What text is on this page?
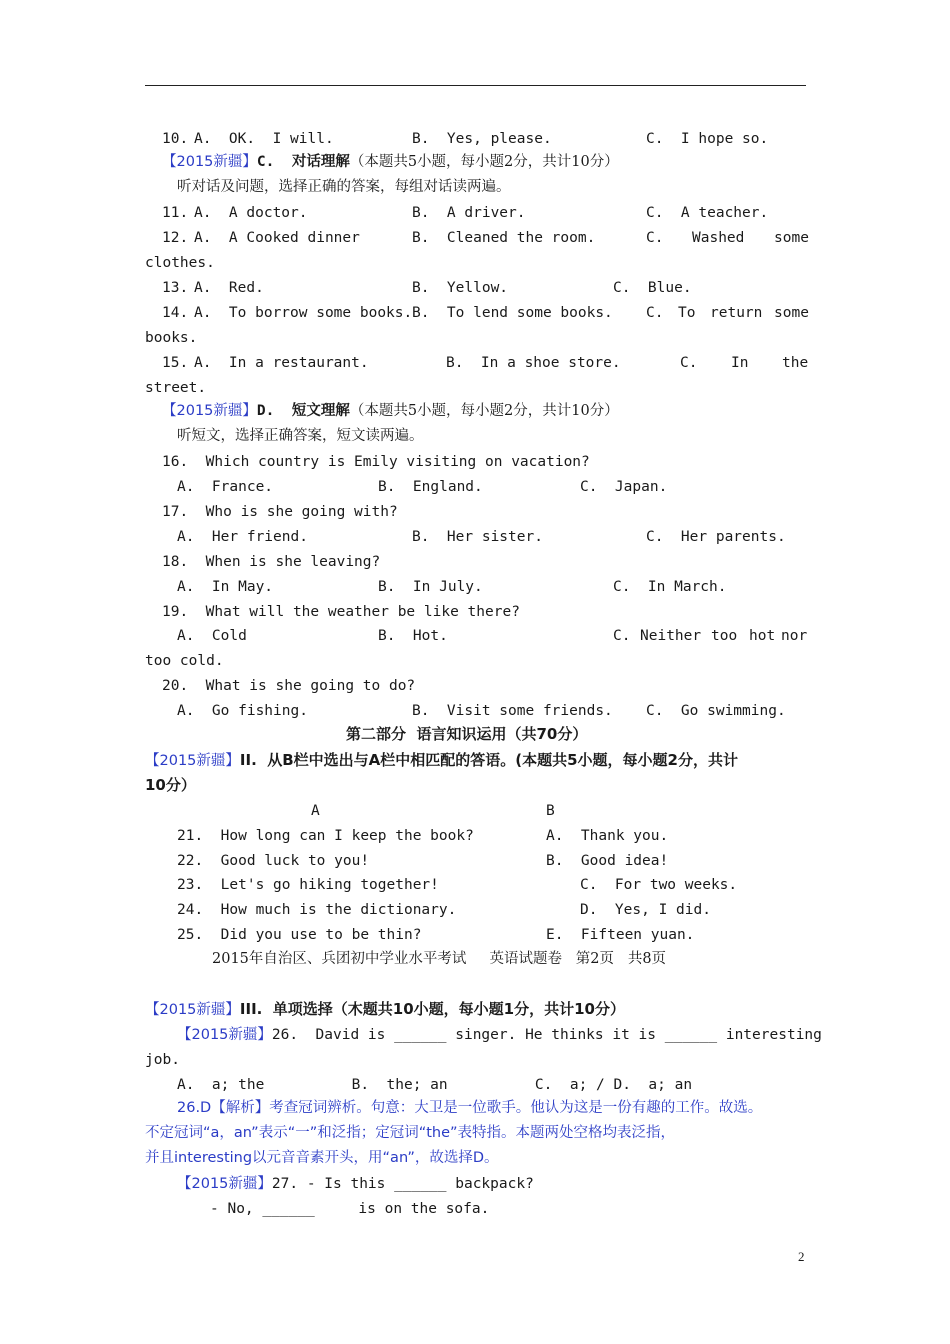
10. A.  OK.  I will.	B.  Yes, please.	C.  I hope so.
【2015新疆】C.  对话理解（本题共5小题，每小题2分，共计10分）
听对话及问题，选择正确的答案，每组对话读两遍。
11. A.  A doctor.	B.  A driver.	C.  A teacher.
12. A.  A Cooked dinner	B.  Cleaned the room.	C. Washed some
clothes.
13. A.  Red.	B.  Yellow.	C.  Blue.
14. A.  To borrow some books. B.  To lend some books. C. To return some
books.
15. A.  In a restaurant.	B.  In a shoe store.	C. In the
street.
【2015新疆】D.  短文理解（本题共5小题，每小题2分，共计10分）
听短文，选择正确答案，短文读两遍。
16.  Which country is Emily visiting on vacation?
A.  France.	B.  England.	C.  Japan.
17.  Who is she going with?
A.  Her friend.	B.  Her sister.	C.  Her parents.
18.  When is she leaving?
A.  In May.	B.  In July.	C.  In March.
19.  What will the weather be like there?
A.  Cold	B.  Hot.	C. Neither too hot nor
too cold.
20.  What is she going to do?
A.  Go fishing.	B.  Visit some friends. C.  Go swimming.
第二部分  语言知识运用（共70分）
【2015新疆】II.  从B栏中选出与A栏中相匹配的答语。(本题共5小题，每小题2分，共计
10分）
A	B
21.  How long can I keep the book?	A.  Thank you.
22.  Good luck to you!	B.  Good idea!
23.  Let's go hiking together!	C.  For two weeks.
24.  How much is the dictionary.	D.  Yes, I did.
25.  Did you use to be thin?	E.  Fifteen yuan.
2015年自治区、兵团初中学业水平考试     英语试题卷   第2页   共8页
【2015新疆】III.  单项选择（木题共10小题，每小题1分，共计10分）
【2015新疆】26.  David is ______ singer. He thinks it is ______ interesting
job.
A.  a; the          B.  the; an          C.  a; / D.  a; an
26.D【解析】考查冠词辨析。句意：大卫是一位歌手。他认为这是一份有趣的工作。故选。
不定冠词“a，an”表示“一”和泛指；定冠词“the”表特指。本题两处空格均表泛指，
并且interesting以元音音素开头，用“an”，故选择D。
【2015新疆】27. - Is this ______ backpack?
- No, ______     is on the sofa.
2
